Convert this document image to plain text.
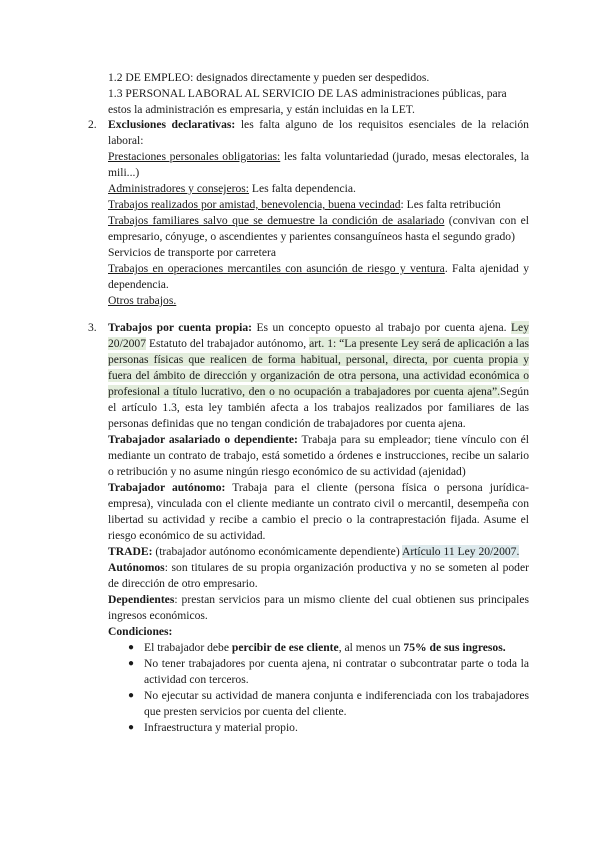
1.2 DE EMPLEO: designados directamente y pueden ser despedidos.

1.3 PERSONAL LABORAL AL SERVICIO DE LAS administraciones públicas, para estos la administración es empresaria, y están incluidas en la LET.

2. Exclusiones declarativas: les falta alguno de los requisitos esenciales de la relación laboral:

Prestaciones personales obligatorias: les falta voluntariedad (jurado, mesas electorales, la mili...)

Administradores y consejeros: Les falta dependencia.

Trabajos realizados por amistad, benevolencia, buena vecindad: Les falta retribución

Trabajos familiares salvo que se demuestre la condición de asalariado (convivan con el empresario, cónyuge, o ascendientes y parientes consanguíneos hasta el segundo grado)

Servicios de transporte por carretera

Trabajos en operaciones mercantiles con asunción de riesgo y ventura. Falta ajenidad y dependencia.

Otros trabajos.

3. Trabajos por cuenta propia: Es un concepto opuesto al trabajo por cuenta ajena. Ley 20/2007 Estatuto del trabajador autónomo, art. 1: “La presente Ley será de aplicación a las personas físicas que realicen de forma habitual, personal, directa, por cuenta propia y fuera del ámbito de dirección y organización de otra persona, una actividad económica o profesional a título lucrativo, den o no ocupación a trabajadores por cuenta ajena”.Según el artículo 1.3, esta ley también afecta a los trabajos realizados por familiares de las personas definidas que no tengan condición de trabajadores por cuenta ajena.

Trabajador asalariado o dependiente: Trabaja para su empleador; tiene vínculo con él mediante un contrato de trabajo, está sometido a órdenes e instrucciones, recibe un salario o retribución y no asume ningún riesgo económico de su actividad (ajenidad)

Trabajador autónomo: Trabaja para el cliente (persona física o persona jurídica-empresa), vinculada con el cliente mediante un contrato civil o mercantil, desempeña con libertad su actividad y recibe a cambio el precio o la contraprestación fijada. Asume el riesgo económico de su actividad.

TRADE: (trabajador autónomo económicamente dependiente) Artículo 11 Ley 20/2007.

Autónomos: son titulares de su propia organización productiva y no se someten al poder de dirección de otro empresario.

Dependientes: prestan servicios para un mismo cliente del cual obtienen sus principales ingresos económicos.

Condiciones:

● El trabajador debe percibir de ese cliente, al menos un 75% de sus ingresos.
● No tener trabajadores por cuenta ajena, ni contratar o subcontratar parte o toda la actividad con terceros.
● No ejecutar su actividad de manera conjunta e indiferenciada con los trabajadores que presten servicios por cuenta del cliente.
● Infraestructura y material propio.
